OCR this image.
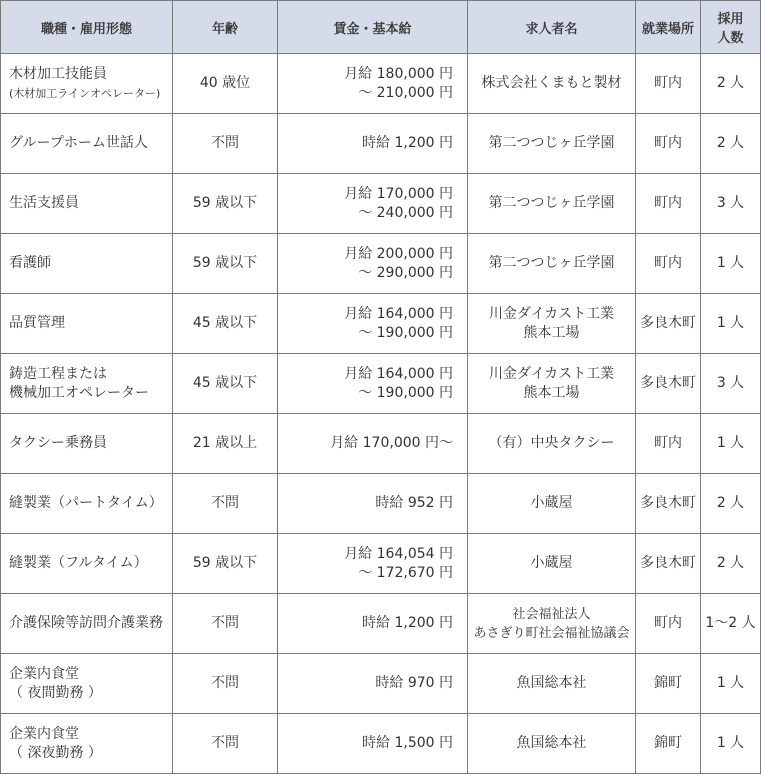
職種・雇用形態	年齢	賃金・基本給	求人者名	就業場所	採用
人数

木材加工技能員
(木材加工ラインオペレーター)	40 歳位	月給 180,000 円
～ 210,000 円	株式会社くまもと製材	町内	2 人

グループホーム世話人	不問	時給 1,200 円	第二つつじヶ丘学園	町内	2 人

生活支援員	59 歳以下	月給 170,000 円
～ 240,000 円	第二つつじヶ丘学園	町内	3 人

看護師	59 歳以下	月給 200,000 円
～ 290,000 円	第二つつじヶ丘学園	町内	1 人

品質管理	45 歳以下	月給 164,000 円
～ 190,000 円	川金ダイカスト工業
熊本工場	多良木町	1 人

鋳造工程または
機械加工オペレーター	45 歳以下	月給 164,000 円
～ 190,000 円	川金ダイカスト工業
熊本工場	多良木町	3 人

タクシー乗務員	21 歳以上	月給 170,000 円～	（有）中央タクシー	町内	1 人

縫製業（パートタイム）	不問	時給 952 円	小蔵屋	多良木町	2 人

縫製業（フルタイム）	59 歳以下	月給 164,054 円
～ 172,670 円	小蔵屋	多良木町	2 人

介護保険等訪問介護業務	不問	時給 1,200 円	社会福祉法人
あさぎり町社会福祉協議会	町内	1～2 人

企業内食堂
（ 夜間勤務 ）	不問	時給 970 円	魚国総本社	錦町	1 人

企業内食堂
（ 深夜勤務 ）	不問	時給 1,500 円	魚国総本社	錦町	1 人
